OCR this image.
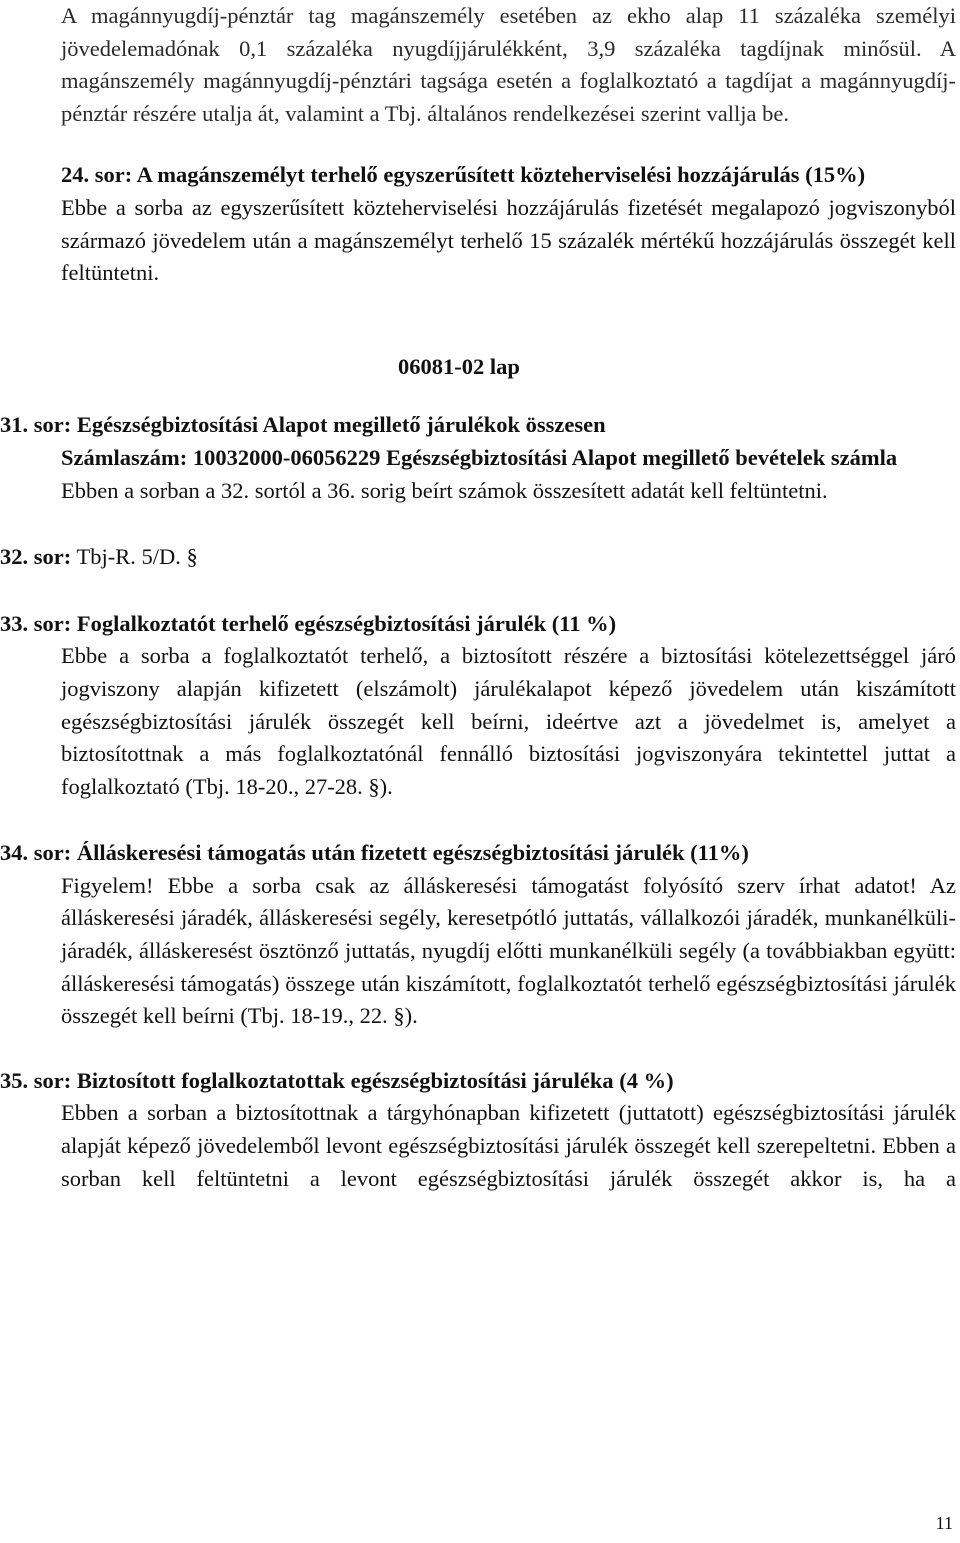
A magánnyugdíj-pénztár tag magánszemély esetében az ekho alap 11 százaléka személyi jövedelemadónak 0,1 százaléka nyugdíjjárulékként, 3,9 százaléka tagdíjnak minősül. A magánszemély magánnyugdíj-pénztári tagsága esetén a foglalkoztató a tagdíjat a magánnyugdíj-pénztár részére utalja át, valamint a Tbj. általános rendelkezései szerint vallja be.

24. sor: A magánszemélyt terhelő egyszerűsített közteherviselési hozzájárulás (15%)

Ebbe a sorba az egyszerűsített közteherviselési hozzájárulás fizetését megalapozó jogviszonyból származó jövedelem után a magánszemélyt terhelő 15 százalék mértékű hozzájárulás összegét kell feltüntetni.

06081-02 lap

31. sor: Egészségbiztosítási Alapot megillető járulékok összesen

Számlaszám: 10032000-06056229 Egészségbiztosítási Alapot megillető bevételek számla

Ebben a sorban a 32. sortól a 36. sorig beírt számok összesített adatát kell feltüntetni.

32. sor: Tbj-R. 5/D. §

33. sor: Foglalkoztatót terhelő egészségbiztosítási járulék (11 %)

Ebbe a sorba a foglalkoztatót terhelő, a biztosított részére a biztosítási kötelezettséggel járó jogviszony alapján kifizetett (elszámolt) járulékalapot képező jövedelem után kiszámított egészségbiztosítási járulék összegét kell beírni, ideértve azt a jövedelmet is, amelyet a biztosítottnak a más foglalkoztatónál fennálló biztosítási jogviszonyára tekintettel juttat a foglalkoztató (Tbj. 18-20., 27-28. §).

34. sor: Álláskeresési támogatás után fizetett egészségbiztosítási járulék (11%)

Figyelem! Ebbe a sorba csak az álláskeresési támogatást folyósító szerv írhat adatot! Az álláskeresési járadék, álláskeresési segély, keresetpótló juttatás, vállalkozói járadék, munkanélküli-járadék, álláskeresést ösztönző juttatás, nyugdíj előtti munkanélküli segély (a továbbiakban együtt: álláskeresési támogatás) összege után kiszámított, foglalkoztatót terhelő egészségbiztosítási járulék összegét kell beírni (Tbj. 18-19., 22. §).

35. sor: Biztosított foglalkoztatottak egészségbiztosítási járuléka (4 %)

Ebben a sorban a biztosítottnak a tárgyhónapban kifizetett (juttatott) egészségbiztosítási járulék alapját képező jövedelemből levont egészségbiztosítási járulék összegét kell szerepeltetni. Ebben a sorban kell feltüntetni a levont egészségbiztosítási járulék összegét akkor is, ha a

11
